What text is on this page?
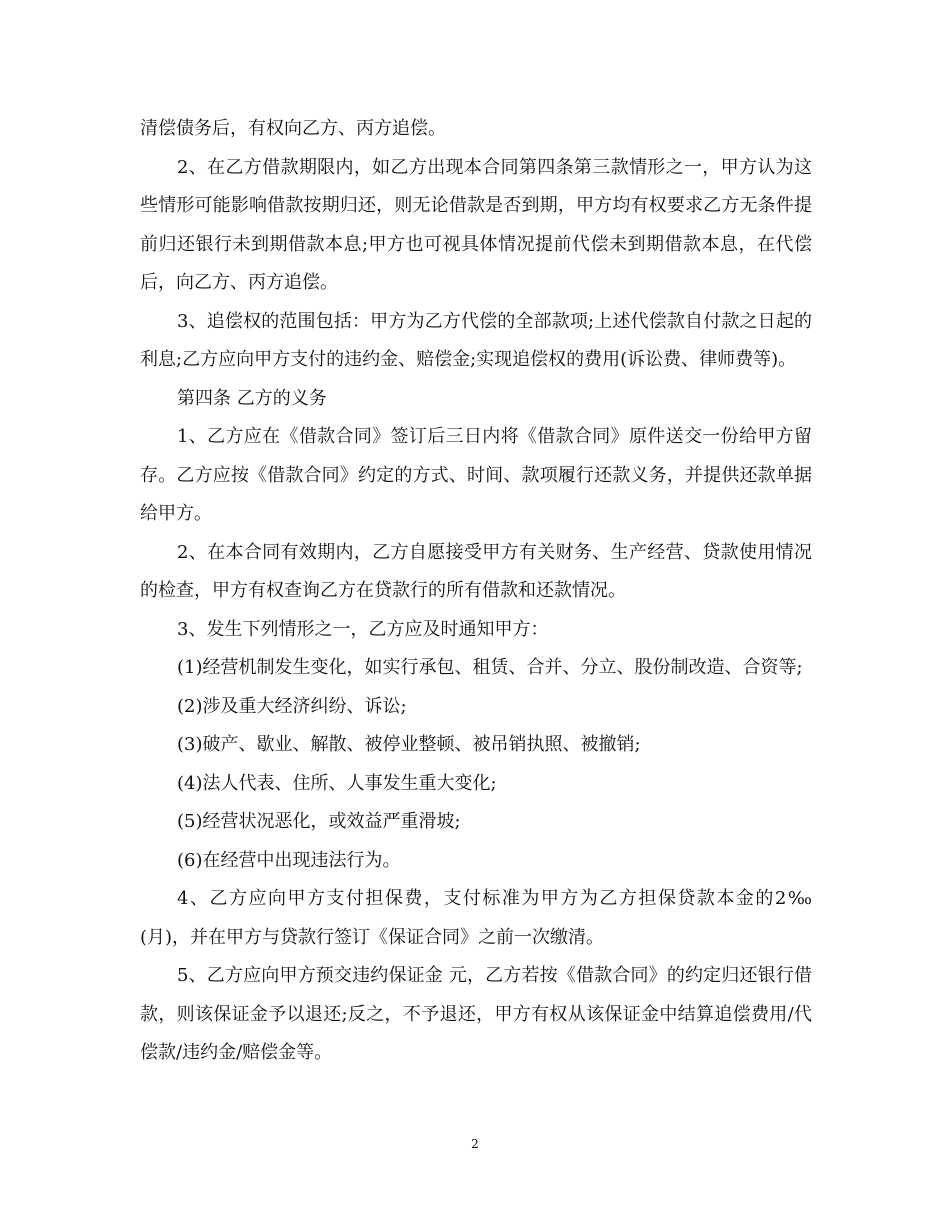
清偿债务后，有权向乙方、丙方追偿。

2、在乙方借款期限内，如乙方出现本合同第四条第三款情形之一，甲方认为这些情形可能影响借款按期归还，则无论借款是否到期，甲方均有权要求乙方无条件提前归还银行未到期借款本息;甲方也可视具体情况提前代偿未到期借款本息，在代偿后，向乙方、丙方追偿。

3、追偿权的范围包括：甲方为乙方代偿的全部款项;上述代偿款自付款之日起的利息;乙方应向甲方支付的违约金、赔偿金;实现追偿权的费用(诉讼费、律师费等)。

第四条 乙方的义务

1、乙方应在《借款合同》签订后三日内将《借款合同》原件送交一份给甲方留存。乙方应按《借款合同》约定的方式、时间、款项履行还款义务，并提供还款单据给甲方。

2、在本合同有效期内，乙方自愿接受甲方有关财务、生产经营、贷款使用情况的检查，甲方有权查询乙方在贷款行的所有借款和还款情况。

3、发生下列情形之一，乙方应及时通知甲方：

(1)经营机制发生变化，如实行承包、租赁、合并、分立、股份制改造、合资等;

(2)涉及重大经济纠纷、诉讼;

(3)破产、歇业、解散、被停业整顿、被吊销执照、被撤销;

(4)法人代表、住所、人事发生重大变化;

(5)经营状况恶化，或效益严重滑坡;

(6)在经营中出现违法行为。

4、乙方应向甲方支付担保费，支付标准为甲方为乙方担保贷款本金的2‰(月)，并在甲方与贷款行签订《保证合同》之前一次缴清。

5、乙方应向甲方预交违约保证金 元，乙方若按《借款合同》的约定归还银行借款，则该保证金予以退还;反之，不予退还，甲方有权从该保证金中结算追偿费用/代偿款/违约金/赔偿金等。

2
